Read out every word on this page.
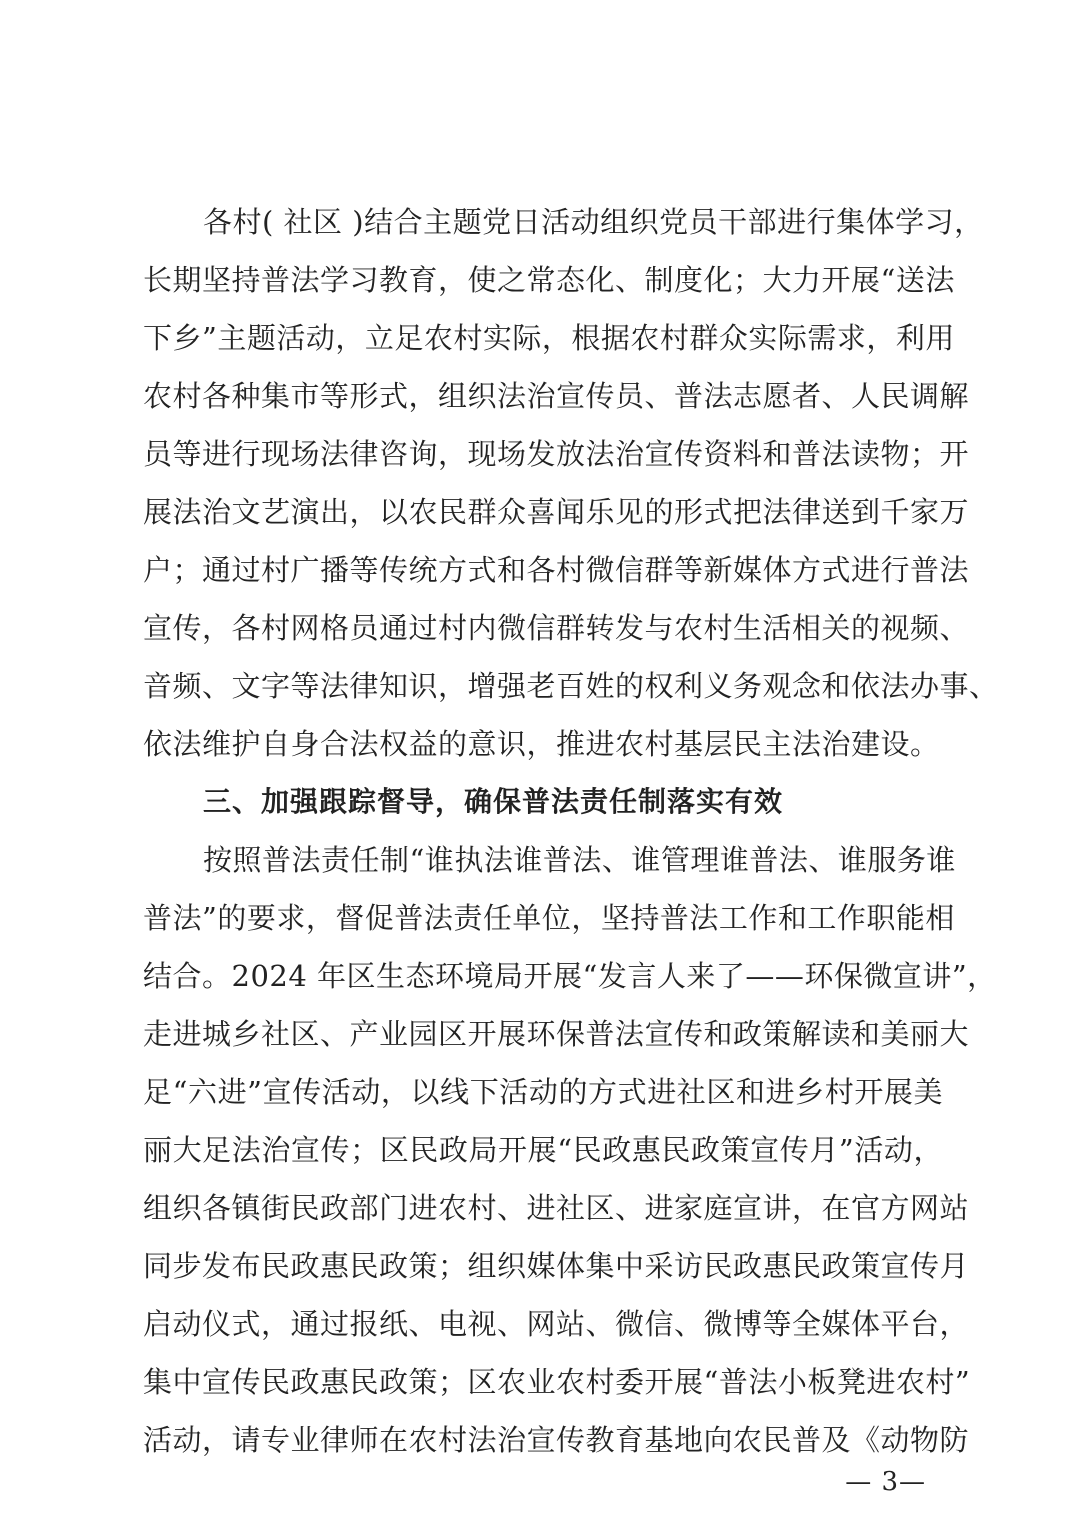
各村( 社区 )结合主题党日活动组织党员干部进行集体学习，
长期坚持普法学习教育，使之常态化、制度化；大力开展“送法
下乡”主题活动，立足农村实际，根据农村群众实际需求，利用
农村各种集市等形式，组织法治宣传员、普法志愿者、人民调解
员等进行现场法律咨询，现场发放法治宣传资料和普法读物；开
展法治文艺演出，以农民群众喜闻乐见的形式把法律送到千家万
户；通过村广播等传统方式和各村微信群等新媒体方式进行普法
宣传，各村网格员通过村内微信群转发与农村生活相关的视频、
音频、文字等法律知识，增强老百姓的权利义务观念和依法办事、
依法维护自身合法权益的意识，推进农村基层民主法治建设。
三、加强跟踪督导，确保普法责任制落实有效
按照普法责任制“谁执法谁普法、谁管理谁普法、谁服务谁
普法”的要求，督促普法责任单位，坚持普法工作和工作职能相
结合。2024 年区生态环境局开展“发言人来了——环保微宣讲”，
走进城乡社区、产业园区开展环保普法宣传和政策解读和美丽大
足“六进”宣传活动，以线下活动的方式进社区和进乡村开展美
丽大足法治宣传；区民政局开展“民政惠民政策宣传月”活动，
组织各镇街民政部门进农村、进社区、进家庭宣讲，在官方网站
同步发布民政惠民政策；组织媒体集中采访民政惠民政策宣传月
启动仪式，通过报纸、电视、网站、微信、微博等全媒体平台，
集中宣传民政惠民政策；区农业农村委开展“普法小板凳进农村”
活动，请专业律师在农村法治宣传教育基地向农民普及《动物防
— 3—
